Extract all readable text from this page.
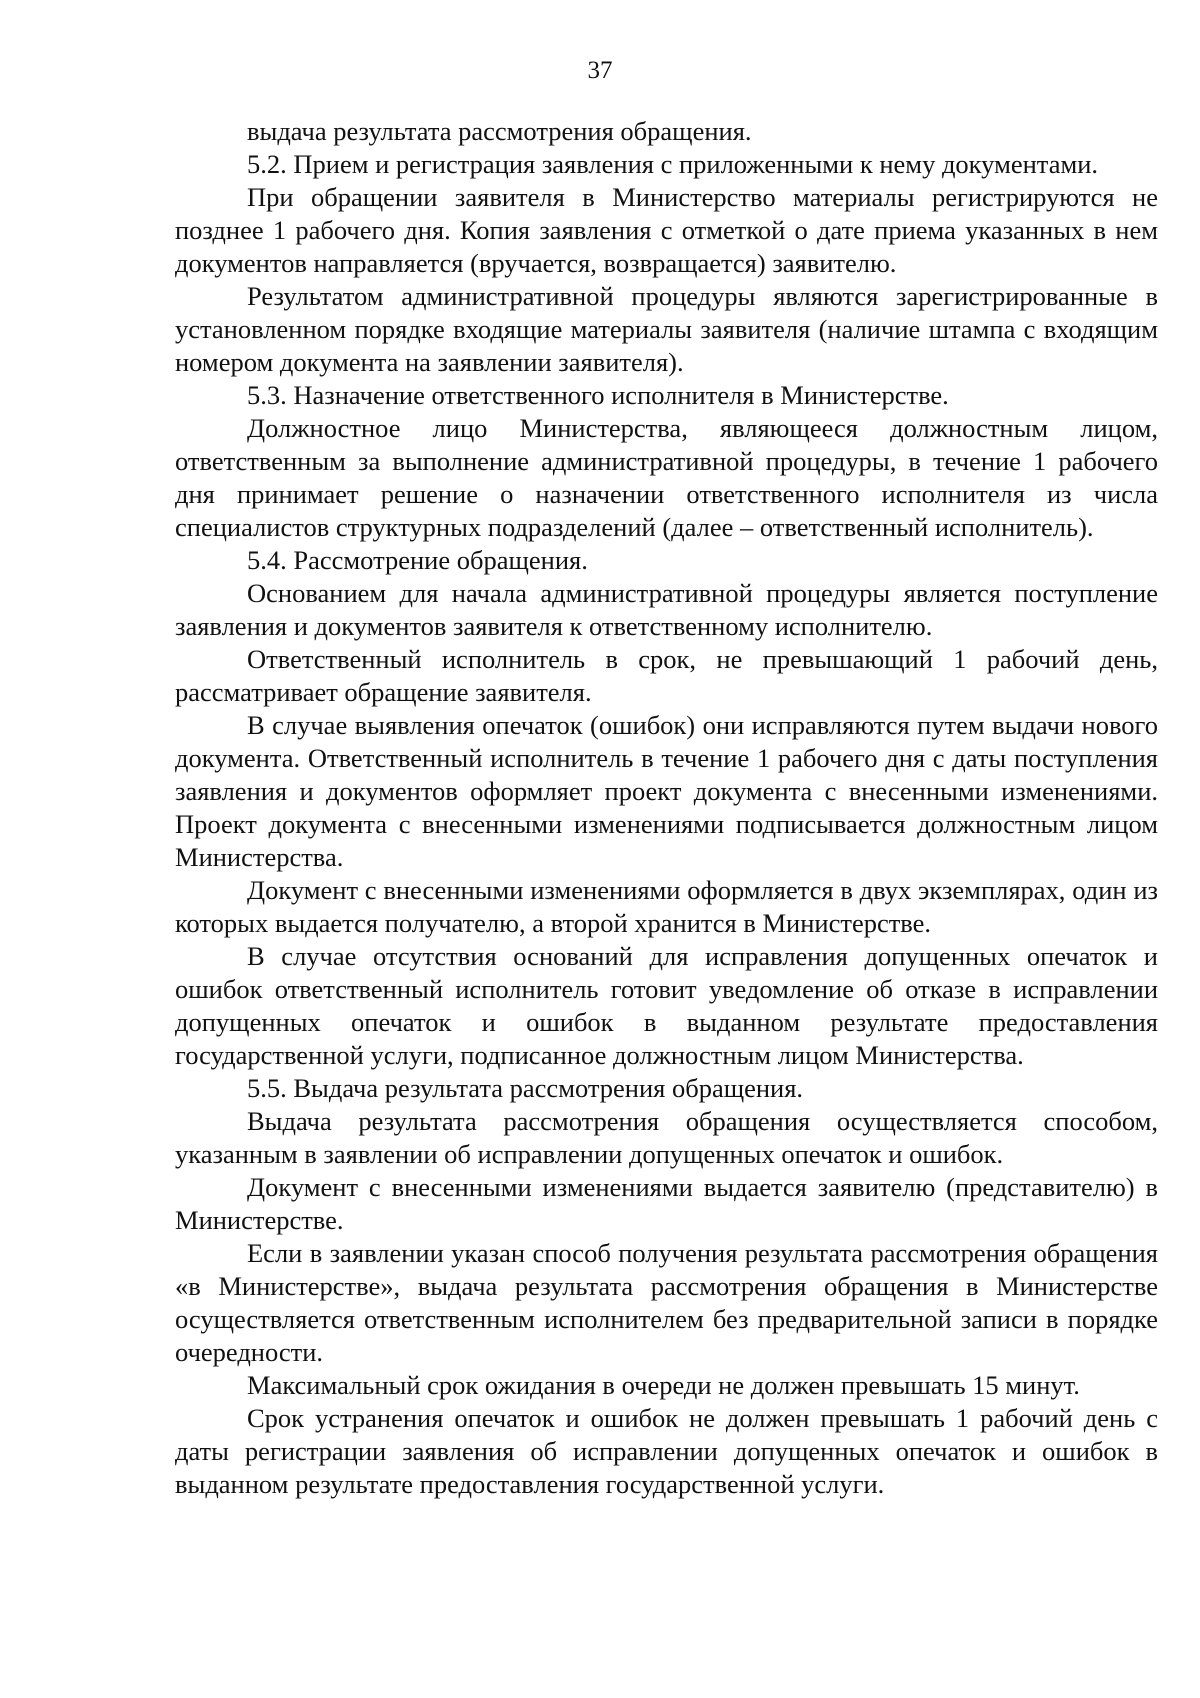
37

выдача результата рассмотрения обращения.

5.2. Прием и регистрация заявления с приложенными к нему документами.

При обращении заявителя в Министерство материалы регистрируются не позднее 1 рабочего дня. Копия заявления с отметкой о дате приема указанных в нем документов направляется (вручается, возвращается) заявителю.

Результатом административной процедуры являются зарегистрированные в установленном порядке входящие материалы заявителя (наличие штампа с входящим номером документа на заявлении заявителя).

5.3. Назначение ответственного исполнителя в Министерстве.

Должностное лицо Министерства, являющееся должностным лицом, ответственным за выполнение административной процедуры, в течение 1 рабочего дня принимает решение о назначении ответственного исполнителя из числа специалистов структурных подразделений (далее – ответственный исполнитель).

5.4. Рассмотрение обращения.

Основанием для начала административной процедуры является поступление заявления и документов заявителя к ответственному исполнителю.

Ответственный исполнитель в срок, не превышающий 1 рабочий день, рассматривает обращение заявителя.

В случае выявления опечаток (ошибок) они исправляются путем выдачи нового документа. Ответственный исполнитель в течение 1 рабочего дня с даты поступления заявления и документов оформляет проект документа с внесенными изменениями. Проект документа с внесенными изменениями подписывается должностным лицом Министерства.

Документ с внесенными изменениями оформляется в двух экземплярах, один из которых выдается получателю, а второй хранится в Министерстве.

В случае отсутствия оснований для исправления допущенных опечаток и ошибок ответственный исполнитель готовит уведомление об отказе в исправлении допущенных опечаток и ошибок в выданном результате предоставления государственной услуги, подписанное должностным лицом Министерства.

5.5. Выдача результата рассмотрения обращения.

Выдача результата рассмотрения обращения осуществляется способом, указанным в заявлении об исправлении допущенных опечаток и ошибок.

Документ с внесенными изменениями выдается заявителю (представителю) в Министерстве.

Если в заявлении указан способ получения результата рассмотрения обращения «в Министерстве», выдача результата рассмотрения обращения в Министерстве осуществляется ответственным исполнителем без предварительной записи в порядке очередности.

Максимальный срок ожидания в очереди не должен превышать 15 минут.

Срок устранения опечаток и ошибок не должен превышать 1 рабочий день с даты регистрации заявления об исправлении допущенных опечаток и ошибок в выданном результате предоставления государственной услуги.
